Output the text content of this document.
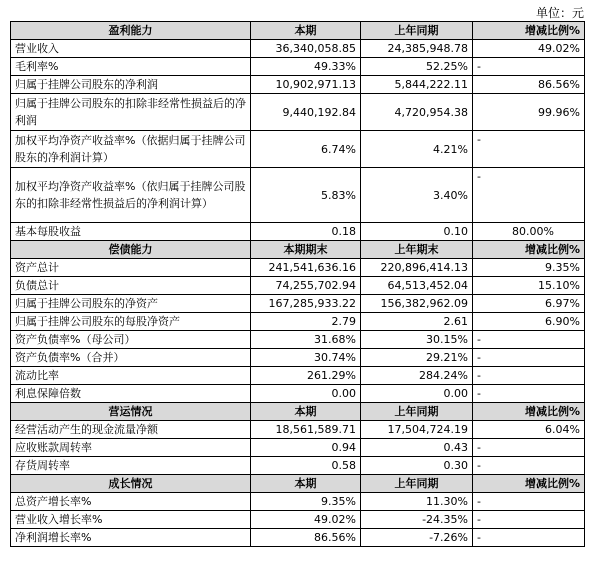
单位：元
盈利能力	本期	上年同期	增减比例%
营业收入	36,340,058.85	24,385,948.78	49.02%
毛利率%	49.33%	52.25%	-
归属于挂牌公司股东的净利润	10,902,971.13	5,844,222.11	86.56%
归属于挂牌公司股东的扣除非经常性损益后的净利润	9,440,192.84	4,720,954.38	99.96%
加权平均净资产收益率%（依据归属于挂牌公司股东的净利润计算）	6.74%	4.21%	-
加权平均净资产收益率%（依归属于挂牌公司股东的扣除非经常性损益后的净利润计算）	5.83%	3.40%	-
基本每股收益	0.18	0.10	80.00%
偿债能力	本期期末	上年期末	增减比例%
资产总计	241,541,636.16	220,896,414.13	9.35%
负债总计	74,255,702.94	64,513,452.04	15.10%
归属于挂牌公司股东的净资产	167,285,933.22	156,382,962.09	6.97%
归属于挂牌公司股东的每股净资产	2.79	2.61	6.90%
资产负债率%（母公司）	31.68%	30.15%	-
资产负债率%（合并）	30.74%	29.21%	-
流动比率	261.29%	284.24%	-
利息保障倍数	0.00	0.00	-
营运情况	本期	上年同期	增减比例%
经营活动产生的现金流量净额	18,561,589.71	17,504,724.19	6.04%
应收账款周转率	0.94	0.43	-
存货周转率	0.58	0.30	-
成长情况	本期	上年同期	增减比例%
总资产增长率%	9.35%	11.30%	-
营业收入增长率%	49.02%	-24.35%	-
净利润增长率%	86.56%	-7.26%	-
